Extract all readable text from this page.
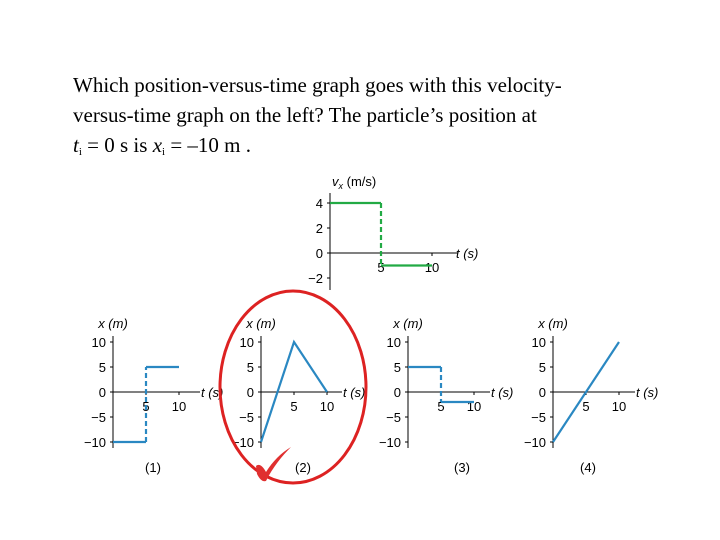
Which position-versus-time graph goes with this velocity-
versus-time graph on the left? The particle’s position at
$t_i = 0$ s is $x_i = -10$ m .
4
2
0
−2
5	10
$v_x$ (m/s)
t (s)
10
5
0
−5
−10
5 10
x (m)
t (s)
(1)
10
5
0
−5
−10
5 10
x (m)
t (s)
(2)
10
5
0
−5
−10
5 10
x (m)
t (s)
(3)
10
5
0
−5
−10
5 10
x (m)
t (s)
(4)
